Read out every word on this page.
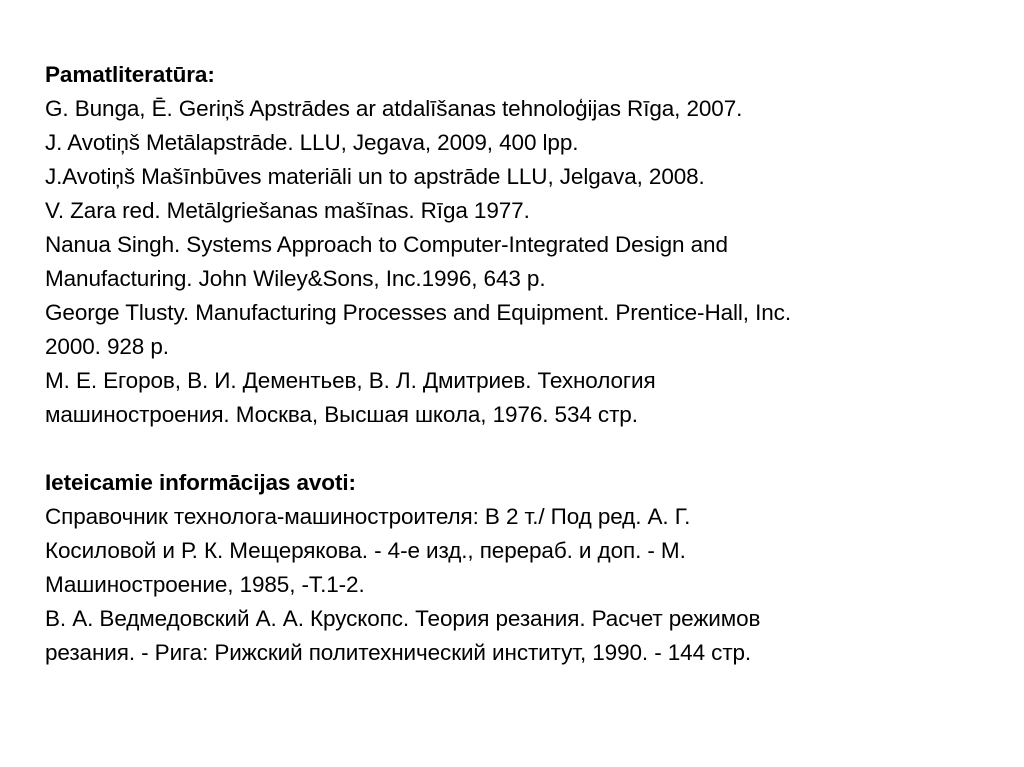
Pamatliteratūra:
G. Bunga, Ē. Geriņš Apstrādes ar atdalīšanas tehnoloģijas Rīga, 2007.
J. Avotiņš Metālapstrāde. LLU, Jegava, 2009, 400 lpp.
J.Avotiņš Mašīnbūves materiāli un to apstrāde LLU, Jelgava, 2008.
V. Zara red. Metālgriešanas mašīnas. Rīga 1977.
Nanua Singh. Systems Approach to Computer-Integrated Design and
Manufacturing. John Wiley&Sons, Inc.1996, 643 p.
George Tlusty. Manufacturing Processes and Equipment. Prentice-Hall, Inc.
2000. 928 p.
М. Е. Егоров, В. И. Дементьев, В. Л. Дмитриев. Технология
машиностроения. Москва, Высшая школа, 1976. 534 стр.
Ieteicamie informācijas avoti:
Справочник технолога-машиностроителя: В 2 т./ Под ред. А. Г.
Косиловой и Р. К. Мещерякова. - 4-е изд., перераб. и доп. - М.
Машиностроение, 1985, -Т.1-2.
В. А. Ведмедовский А. А. Крускопс. Теория резания. Расчет режимов
резания. - Рига: Рижский политехнический институт, 1990. - 144 стр.
